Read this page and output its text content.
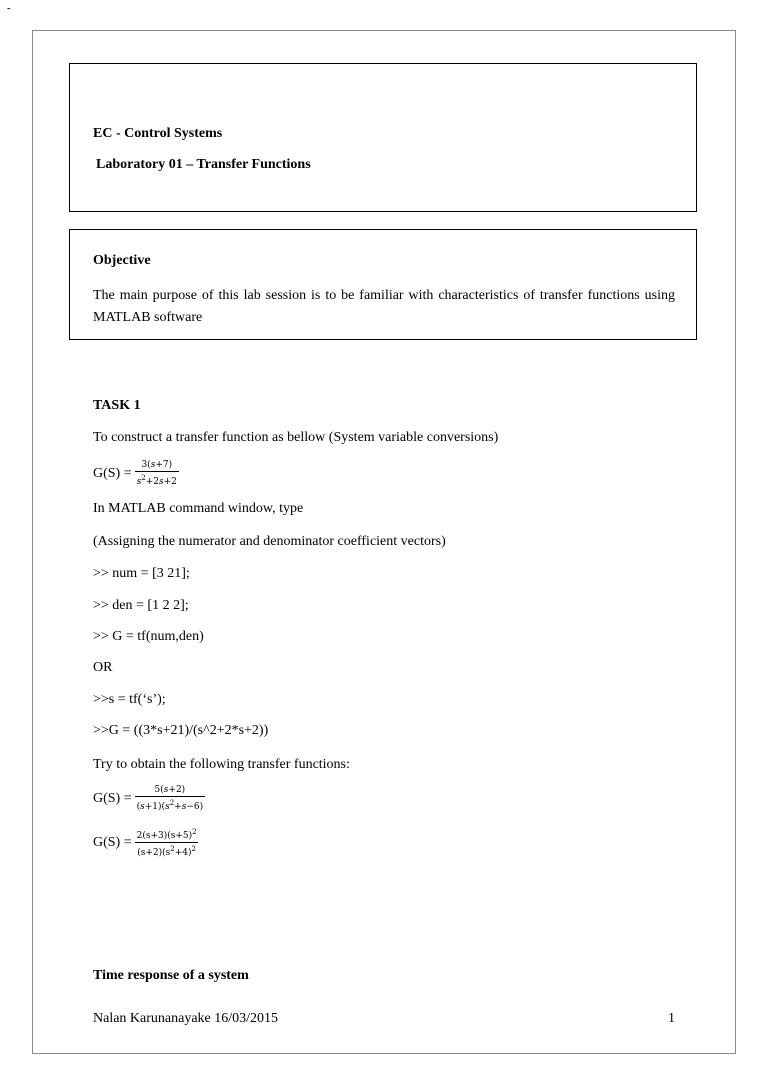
-
EC - Control Systems
Laboratory 01 – Transfer Functions
Objective
The main purpose of this lab session is to be familiar with characteristics of transfer functions using MATLAB software
TASK 1
To construct a transfer function as bellow (System variable conversions)
$G(S) = \frac{3(s+7)}{s^2+2s+2}$
In MATLAB command window, type
(Assigning the numerator and denominator coefficient vectors)
>> num = [3 21];
>> den = [1 2 2];
>> G = tf(num,den)
OR
>>s = tf(‘s’);
>>G = ((3*s+21)/(s^2+2*s+2))
Try to obtain the following transfer functions:
$G(S) = \frac{5(s+2)}{(s+1)(s^2+s-6)}$
$G(S) = \frac{2(s+3)(s+5)^2}{(s+2)(s^2+4)^2}$
Time response of a system
Nalan Karunanayake 16/03/2015	1
